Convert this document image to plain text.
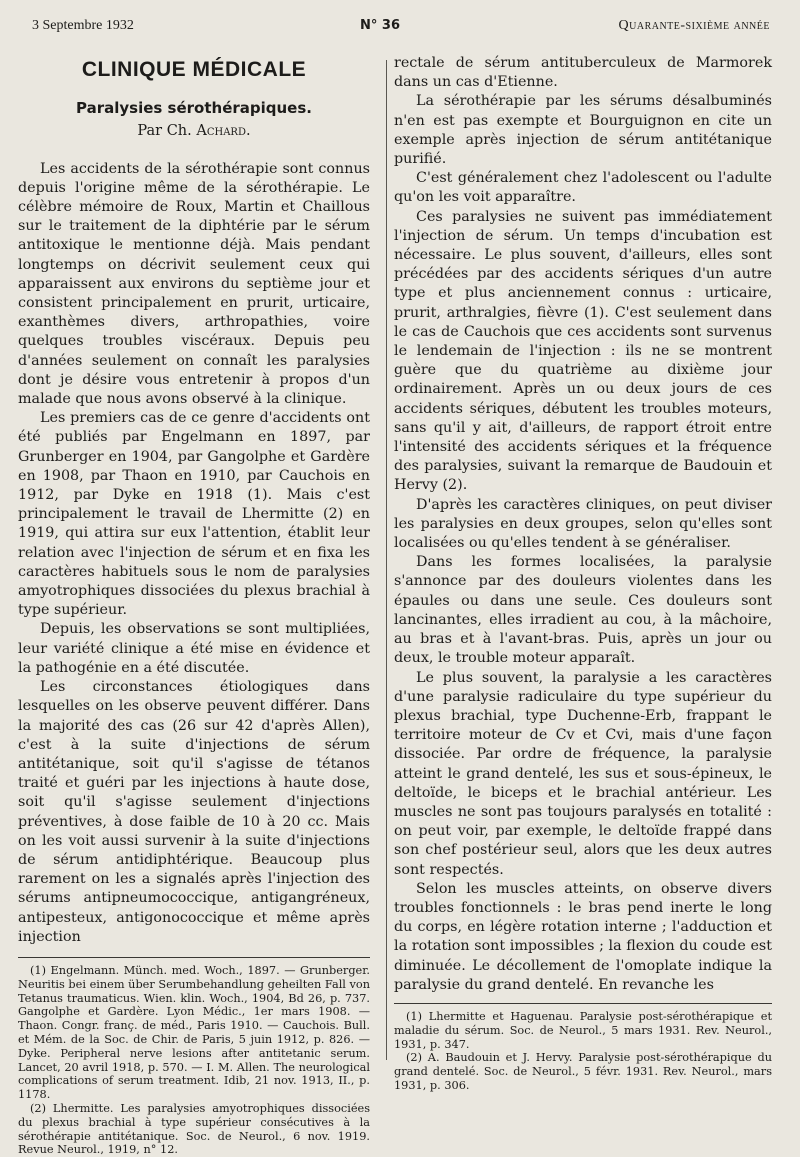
3 Septembre 1932	N° 36	Quarante-sixième année
CLINIQUE MÉDICALE
Paralysies sérothérapiques.
Par Ch. Achard.

Les accidents de la sérothérapie sont connus depuis l'origine même de la sérothérapie. Le célèbre mémoire de Roux, Martin et Chaillous sur le traitement de la diphtérie par le sérum antitoxique le mentionne déjà. Mais pendant longtemps on décrivit seulement ceux qui apparaissent aux environs du septième jour et consistent principalement en prurit, urticaire, exanthèmes divers, arthropathies, voire quelques troubles viscéraux. Depuis peu d'années seulement on connaît les paralysies dont je désire vous entretenir à propos d'un malade que nous avons observé à la clinique.

Les premiers cas de ce genre d'accidents ont été publiés par Engelmann en 1897, par Grunberger en 1904, par Gangolphe et Gardère en 1908, par Thaon en 1910, par Cauchois en 1912, par Dyke en 1918 (1). Mais c'est principalement le travail de Lhermitte (2) en 1919, qui attira sur eux l'attention, établit leur relation avec l'injection de sérum et en fixa les caractères habituels sous le nom de paralysies amyotrophiques dissociées du plexus brachial à type supérieur.

Depuis, les observations se sont multipliées, leur variété clinique a été mise en évidence et la pathogénie en a été discutée.

Les circonstances étiologiques dans lesquelles on les observe peuvent différer. Dans la majorité des cas (26 sur 42 d'après Allen), c'est à la suite d'injections de sérum antitétanique, soit qu'il s'agisse de tétanos traité et guéri par les injections à haute dose, soit qu'il s'agisse seulement d'injections préventives, à dose faible de 10 à 20 cc. Mais on les voit aussi survenir à la suite d'injections de sérum antidiphtérique. Beaucoup plus rarement on les a signalés après l'injection des sérums antipneumococcique, antigangréneux, antipesteux, antigonococcique et même après injection

(1) Engelmann. Münch. med. Woch., 1897. — Grunberger. Neuritis bei einem über Serumbehandlung geheilten Fall von Tetanus traumaticus. Wien. klin. Woch., 1904, Bd 26, p. 737. Gangolphe et Gardère. Lyon Médic., 1er mars 1908. — Thaon. Congr. franç. de méd., Paris 1910. — Cauchois. Bull. et Mém. de la Soc. de Chir. de Paris, 5 juin 1912, p. 826. — Dyke. Peripheral nerve lesions after antitetanic serum. Lancet, 20 avril 1918, p. 570. — I. M. Allen. The neurological complications of serum treatment. Idib, 21 nov. 1913, II., p. 1178.

(2) Lhermitte. Les paralysies amyotrophiques dissociées du plexus brachial à type supérieur consécutives à la sérothérapie antitétanique. Soc. de Neurol., 6 nov. 1919. Revue Neurol., 1919, n° 12.

rectale de sérum antituberculeux de Marmorek dans un cas d'Etienne.

La sérothérapie par les sérums désalbuminés n'en est pas exempte et Bourguignon en cite un exemple après injection de sérum antitétanique purifié.

C'est généralement chez l'adolescent ou l'adulte qu'on les voit apparaître.

Ces paralysies ne suivent pas immédiatement l'injection de sérum. Un temps d'incubation est nécessaire. Le plus souvent, d'ailleurs, elles sont précédées par des accidents sériques d'un autre type et plus anciennement connus : urticaire, prurit, arthralgies, fièvre (1). C'est seulement dans le cas de Cauchois que ces accidents sont survenus le lendemain de l'injection : ils ne se montrent guère que du quatrième au dixième jour ordinairement. Après un ou deux jours de ces accidents sériques, débutent les troubles moteurs, sans qu'il y ait, d'ailleurs, de rapport étroit entre l'intensité des accidents sériques et la fréquence des paralysies, suivant la remarque de Baudouin et Hervy (2).

D'après les caractères cliniques, on peut diviser les paralysies en deux groupes, selon qu'elles sont localisées ou qu'elles tendent à se généraliser.

Dans les formes localisées, la paralysie s'annonce par des douleurs violentes dans les épaules ou dans une seule. Ces douleurs sont lancinantes, elles irradient au cou, à la mâchoire, au bras et à l'avant-bras. Puis, après un jour ou deux, le trouble moteur apparaît.

Le plus souvent, la paralysie a les caractères d'une paralysie radiculaire du type supérieur du plexus brachial, type Duchenne-Erb, frappant le territoire moteur de Cv et Cvi, mais d'une façon dissociée. Par ordre de fréquence, la paralysie atteint le grand dentelé, les sus et sous-épineux, le deltoïde, le biceps et le brachial antérieur. Les muscles ne sont pas toujours paralysés en totalité : on peut voir, par exemple, le deltoïde frappé dans son chef postérieur seul, alors que les deux autres sont respectés.

Selon les muscles atteints, on observe divers troubles fonctionnels : le bras pend inerte le long du corps, en légère rotation interne ; l'adduction et la rotation sont impossibles ; la flexion du coude est diminuée. Le décollement de l'omoplate indique la paralysie du grand dentelé. En revanche les

(1) Lhermitte et Haguenau. Paralysie post-sérothérapique et maladie du sérum. Soc. de Neurol., 5 mars 1931. Rev. Neurol., 1931, p. 347.

(2) A. Baudouin et J. Hervy. Paralysie post-sérothérapique du grand dentelé. Soc. de Neurol., 5 févr. 1931. Rev. Neurol., mars 1931, p. 306.
